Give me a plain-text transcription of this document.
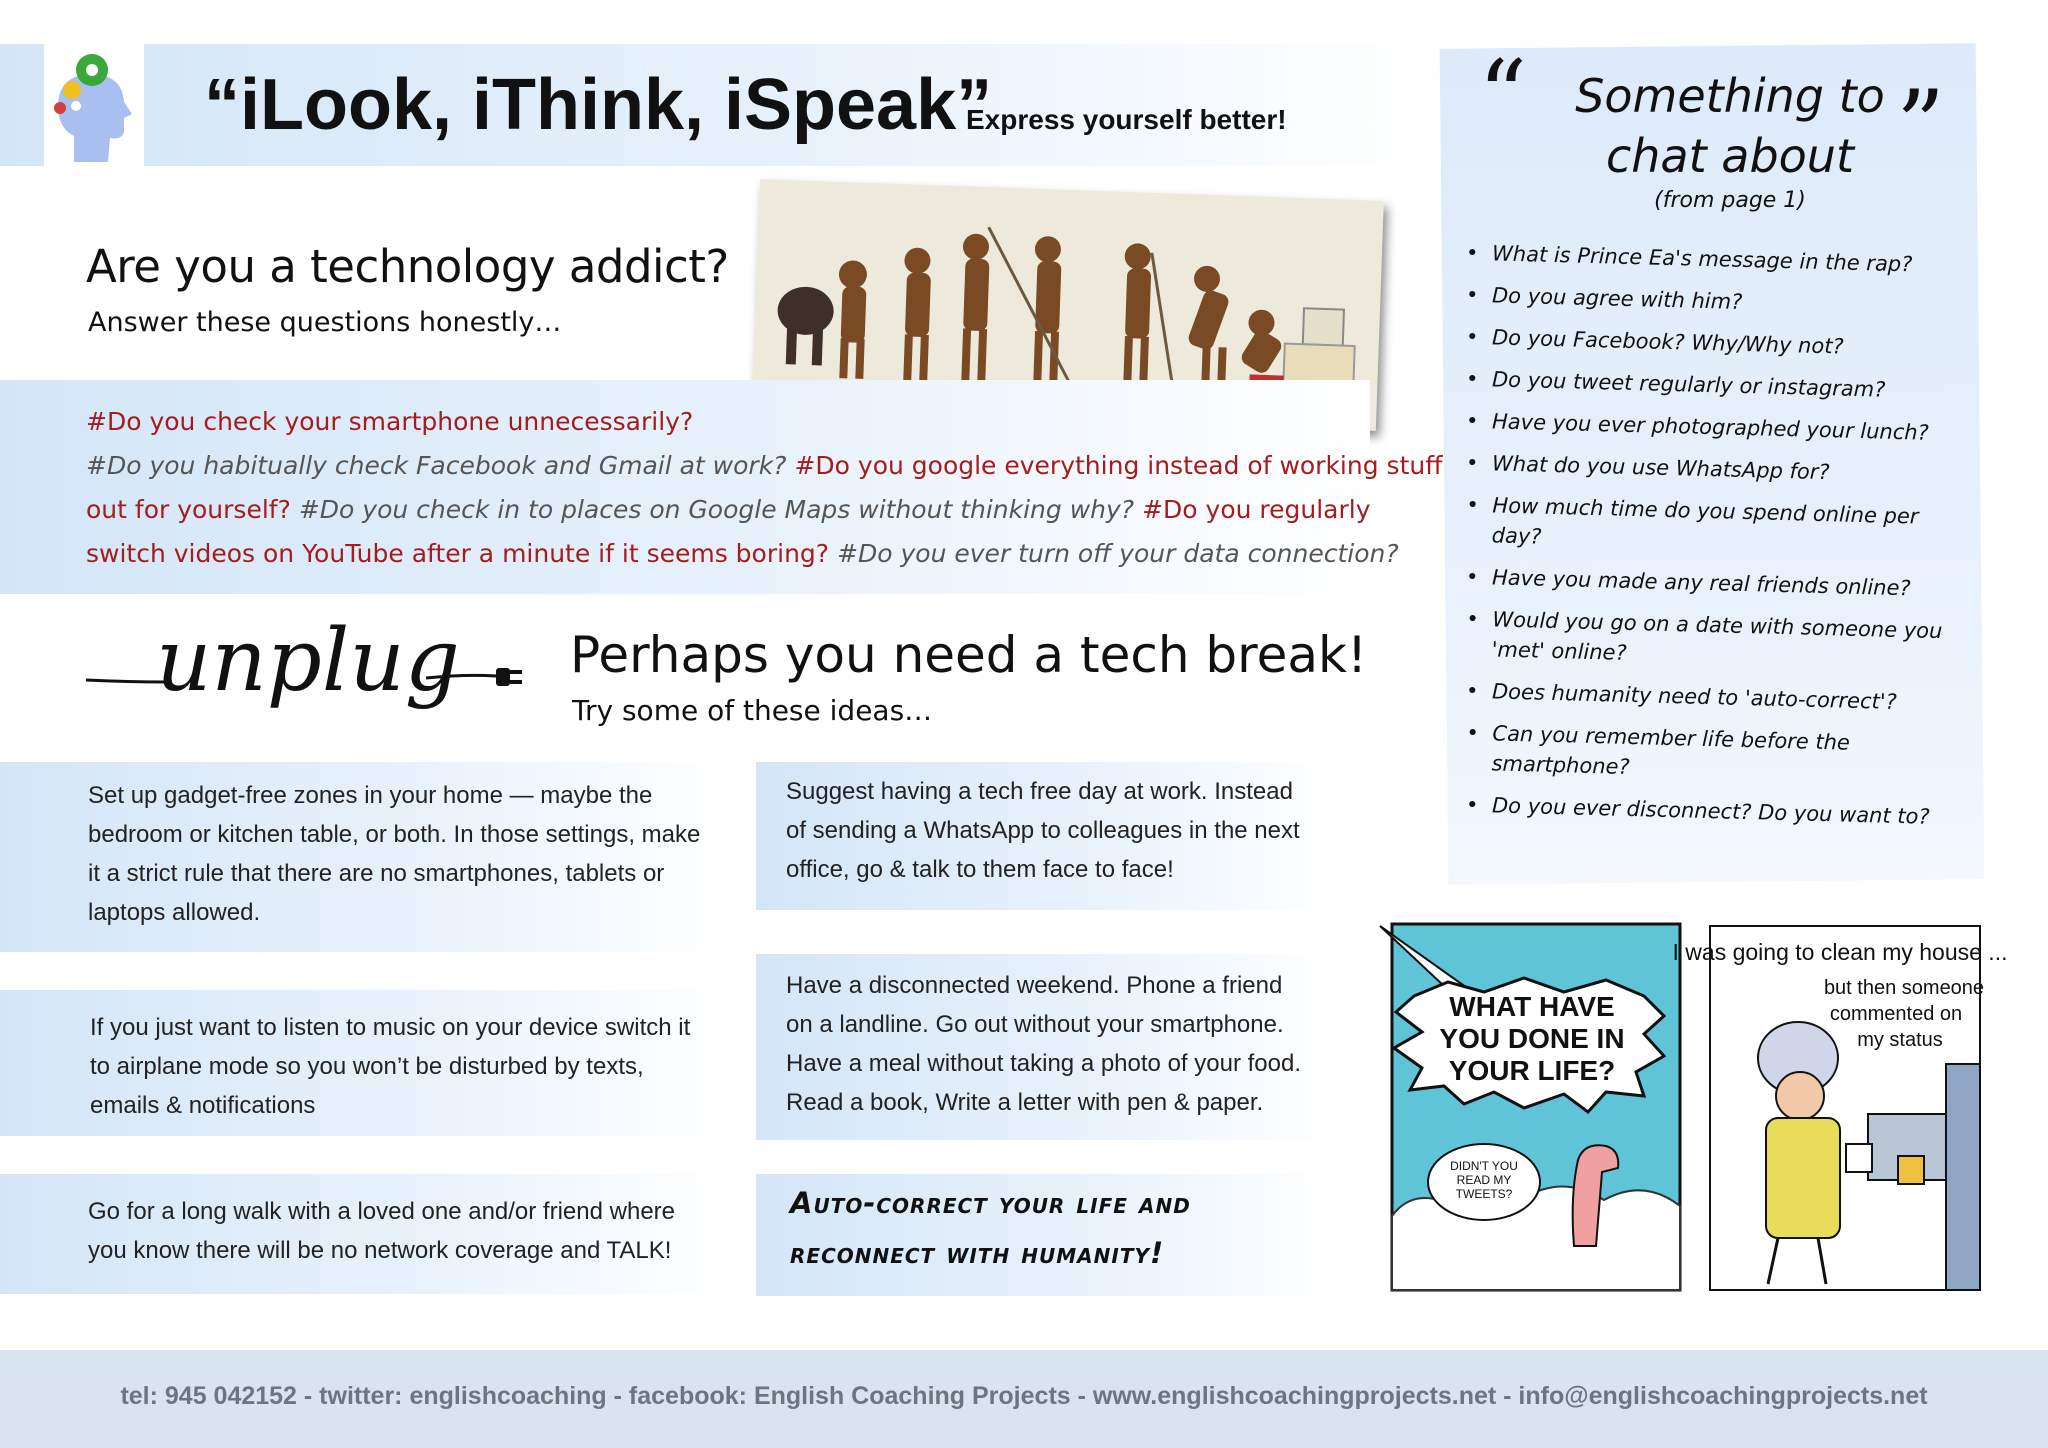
“iLook, iThink, iSpeak”
Express yourself better!
Are you a technology addict?
Answer these questions honestly…
#Do you check your smartphone unnecessarily?
#Do you habitually check Facebook and Gmail at work? #Do you google everything instead of working stuff
out for yourself? #Do you check in to places on Google Maps without thinking why? #Do you regularly
switch videos on YouTube after a minute if it seems boring? #Do you ever turn off your data connection?
unplug Perhaps you need a tech break!
Try some of these ideas…
Set up gadget-free zones in your home — maybe the bedroom or kitchen table, or both. In those settings, make it a strict rule that there are no smartphones, tablets or laptops allowed.
Suggest having a tech free day at work. Instead of sending a WhatsApp to colleagues in the next office, go & talk to them face to face!
If you just want to listen to music on your device switch it to airplane mode so you won’t be disturbed by texts, emails & notifications
Have a disconnected weekend. Phone a friend on a landline. Go out without your smartphone. Have a meal without taking a photo of your food. Read a book, Write a letter with pen & paper.
Go for a long walk with a loved one and/or friend where you know there will be no network coverage and TALK!
Auto-correct your life and
reconnect with humanity!
“	”
Something to
chat about
(from page 1)
• What is Prince Ea's message in the rap?
• Do you agree with him?
• Do you Facebook? Why/Why not?
• Do you tweet regularly or instagram?
• Have you ever photographed your lunch?
• What do you use WhatsApp for?
• How much time do you spend online per day?
• Have you made any real friends online?
• Would you go on a date with someone you 'met' online?
• Does humanity need to 'auto-correct'?
• Can you remember life before the smartphone?
• Do you ever disconnect? Do you want to?
WHAT HAVE
YOU DONE IN
YOUR LIFE?
DIDN'T YOU
READ MY
TWEETS?
I was going to clean my house ...
but then someone
commented on
my status
tel: 945 042152 - twitter: englishcoaching - facebook: English Coaching Projects - www.englishcoachingprojects.net - info@englishcoachingprojects.net
